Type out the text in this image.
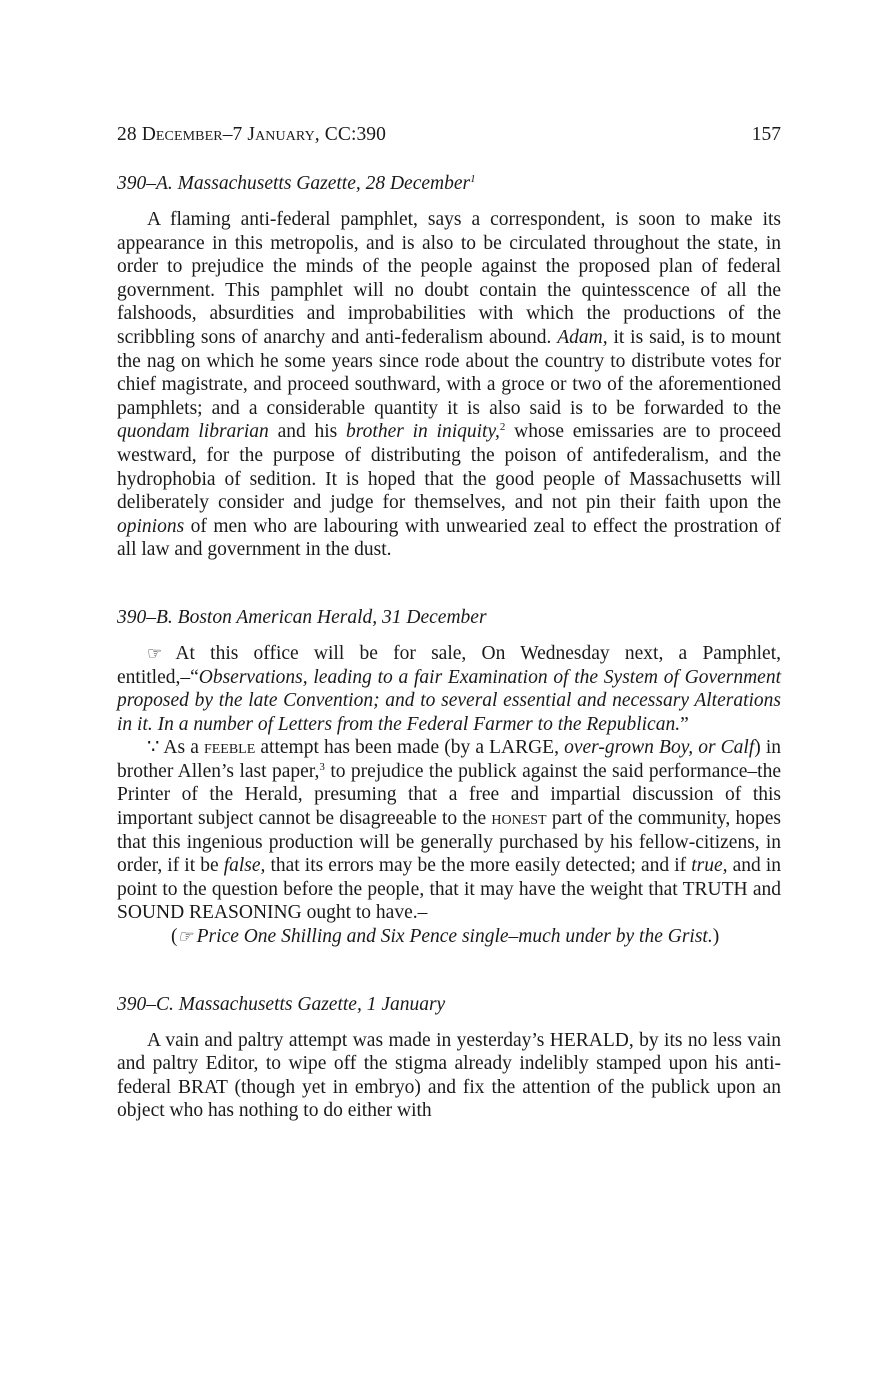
28 December–7 January, CC:390	157
390–A. Massachusetts Gazette, 28 December$^1$

A flaming anti-federal pamphlet, says a correspondent, is soon to make its appearance in this metropolis, and is also to be circulated throughout the state, in order to prejudice the minds of the people against the proposed plan of federal government. This pamphlet will no doubt contain the quintesscence of all the falshoods, absurdities and improbabilities with which the productions of the scribbling sons of anarchy and anti-federalism abound. Adam, it is said, is to mount the nag on which he some years since rode about the country to distribute votes for chief magistrate, and proceed southward, with a groce or two of the aforementioned pamphlets; and a considerable quantity it is also said is to be forwarded to the quondam librarian and his brother in iniquity,$^2$ whose emissaries are to proceed westward, for the purpose of distributing the poison of antifederalism, and the hydrophobia of sedition. It is hoped that the good people of Massachusetts will deliberately consider and judge for themselves, and not pin their faith upon the opinions of men who are labouring with unwearied zeal to effect the prostration of all law and government in the dust.

390–B. Boston American Herald, 31 December

☞ At this office will be for sale, On Wednesday next, a Pamphlet, entitled,–“Observations, leading to a fair Examination of the System of Government proposed by the late Convention; and to several essential and necessary Alterations in it. In a number of Letters from the Federal Farmer to the Republican.”

∵ As a feeble attempt has been made (by a LARGE, over-grown Boy, or Calf) in brother Allen’s last paper,$^3$ to prejudice the publick against the said performance–the Printer of the Herald, presuming that a free and impartial discussion of this important subject cannot be disagreeable to the honest part of the community, hopes that this ingenious production will be generally purchased by his fellow-citizens, in order, if it be false, that its errors may be the more easily detected; and if true, and in point to the question before the people, that it may have the weight that TRUTH and SOUND REASONING ought to have.–

(☞ Price One Shilling and Six Pence single–much under by the Grist.)

390–C. Massachusetts Gazette, 1 January

A vain and paltry attempt was made in yesterday’s HERALD, by its no less vain and paltry Editor, to wipe off the stigma already indelibly stamped upon his anti-federal BRAT (though yet in embryo) and fix the attention of the publick upon an object who has nothing to do either with
